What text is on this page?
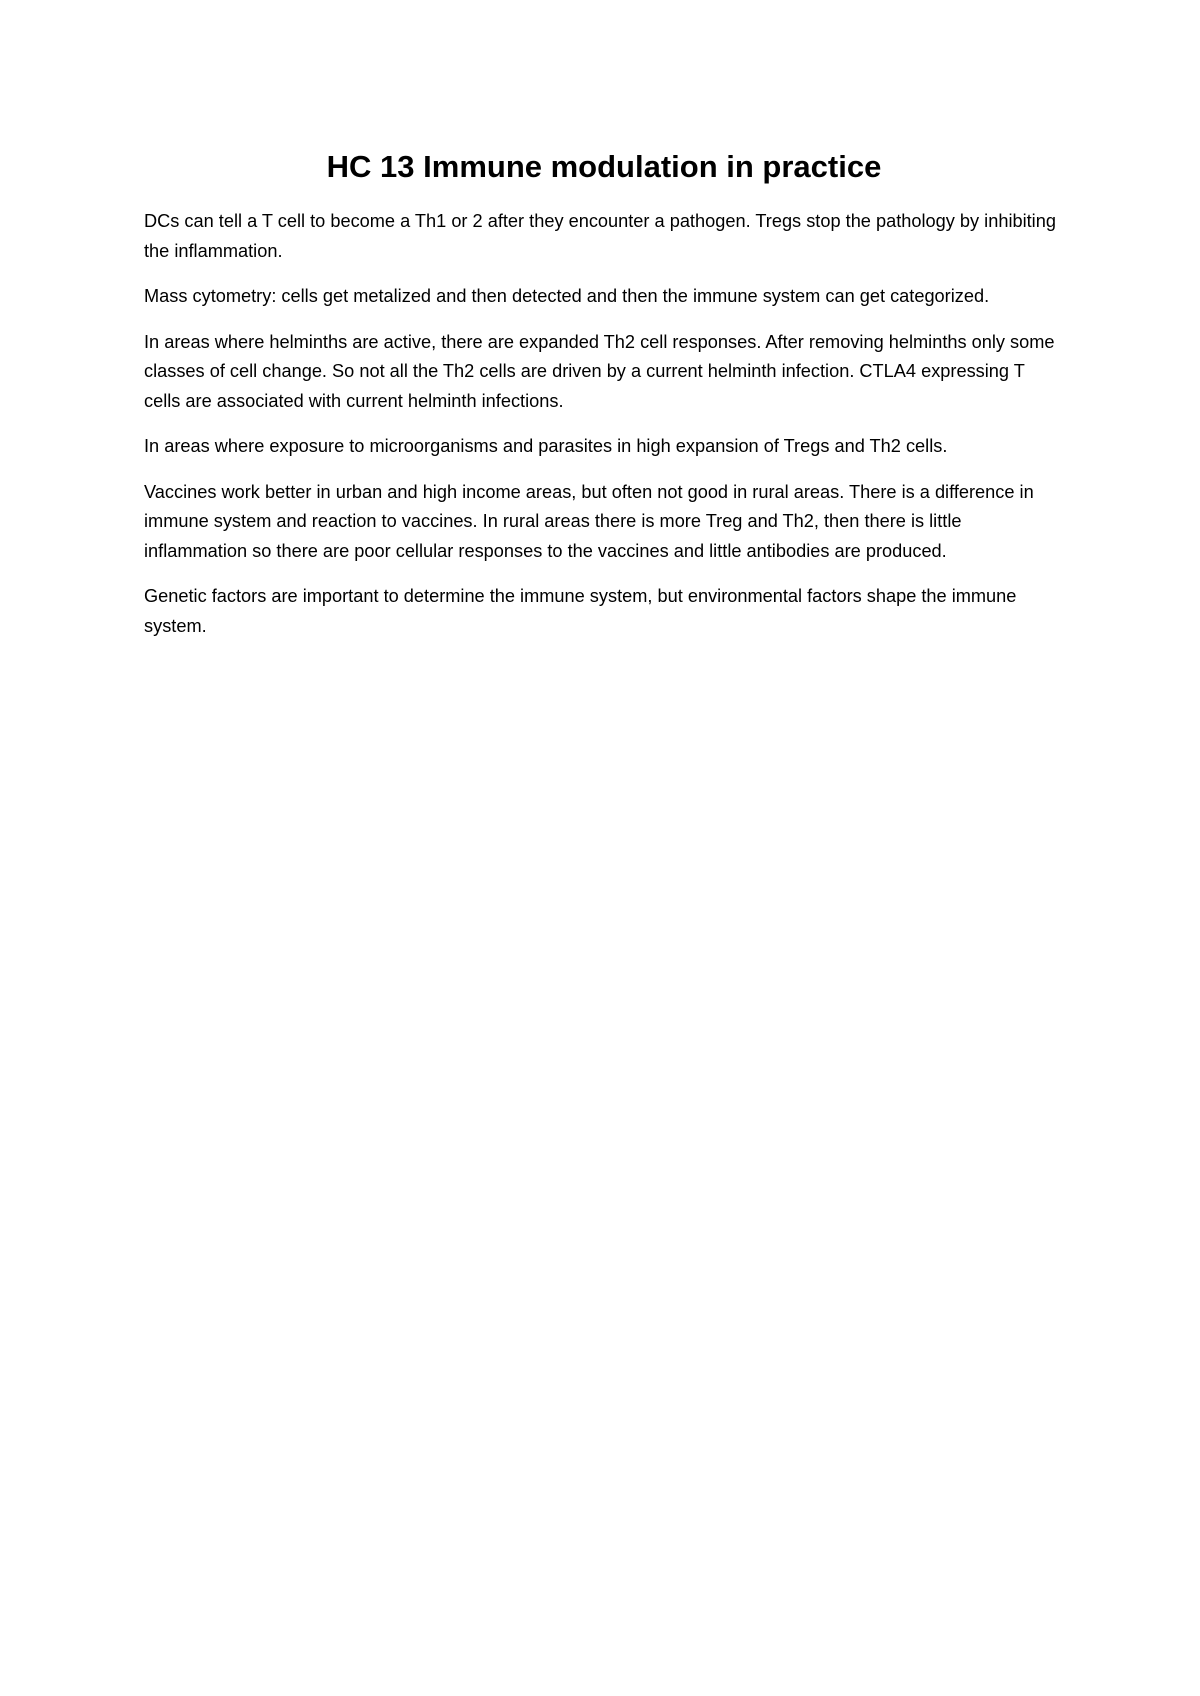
HC 13 Immune modulation in practice

DCs can tell a T cell to become a Th1 or 2 after they encounter a pathogen. Tregs stop the pathology by inhibiting the inflammation.

Mass cytometry: cells get metalized and then detected and then the immune system can get categorized.

In areas where helminths are active, there are expanded Th2 cell responses. After removing helminths only some classes of cell change. So not all the Th2 cells are driven by a current helminth infection. CTLA4 expressing T cells are associated with current helminth infections.

In areas where exposure to microorganisms and parasites in high expansion of Tregs and Th2 cells.

Vaccines work better in urban and high income areas, but often not good in rural areas. There is a difference in immune system and reaction to vaccines. In rural areas there is more Treg and Th2, then there is little inflammation so there are poor cellular responses to the vaccines and little antibodies are produced.

Genetic factors are important to determine the immune system, but environmental factors shape the immune system.
